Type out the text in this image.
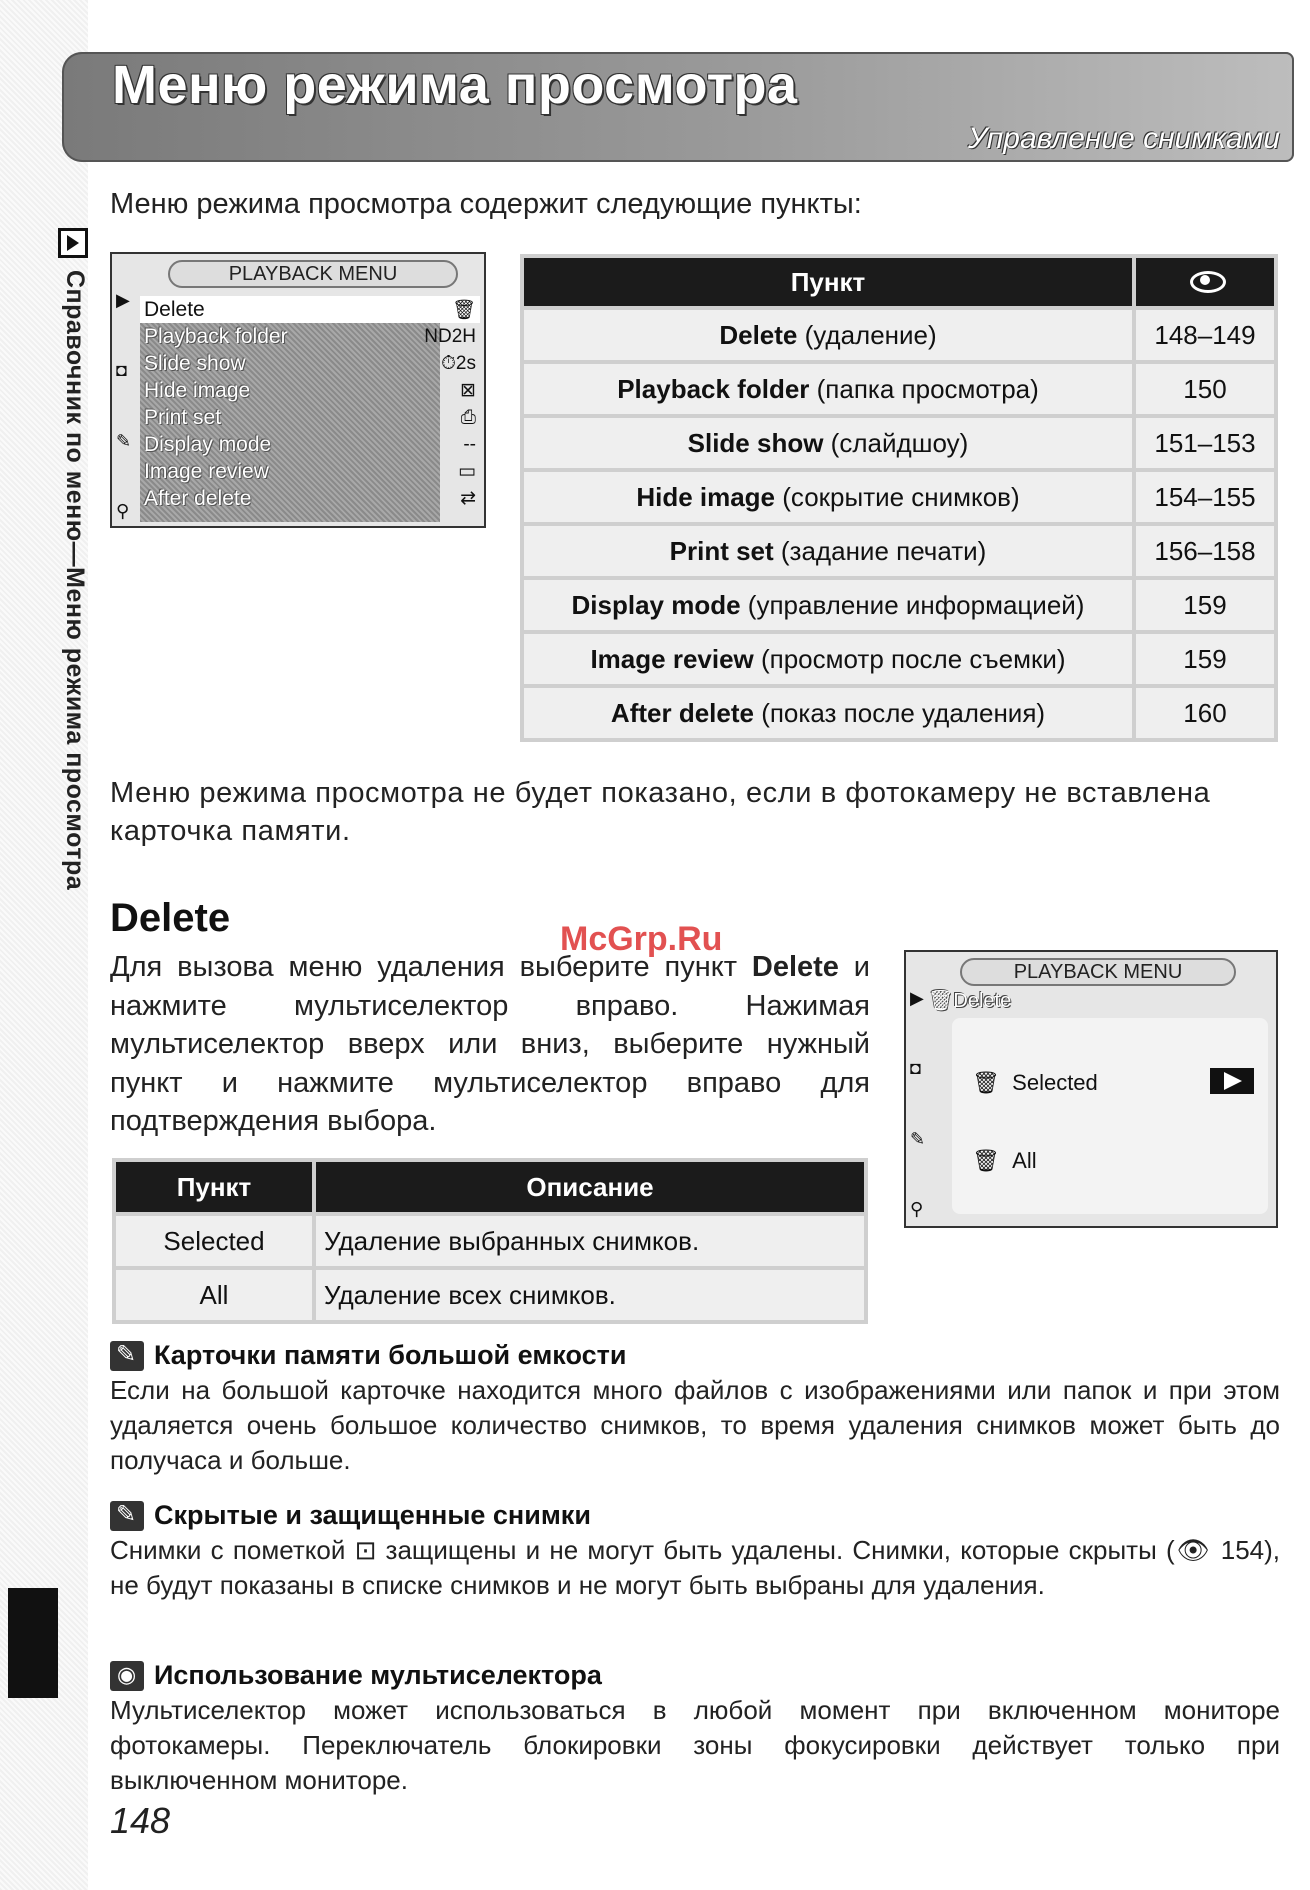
Меню режима просмотра
Управление снимками
Справочник по меню—Меню режима просмотра
Меню режима просмотра содержит следующие пункты:
PLAYBACK MENU
▶
◘
✎
⚲
Delete	🗑
Playback folder	ND2H
Slide show	⏱2s
Hide image	⊠
Print set	⎙
Display mode	--
Image review	▭
After delete	⇄
Пункт	
Delete (удаление)	148–149
Playback folder (папка просмотра)	150
Slide show (слайдшоу)	151–153
Hide image (сокрытие снимков)	154–155
Print set (задание печати)	156–158
Display mode (управление информацией)	159
Image review (просмотр после съемки)	159
After delete (показ после удаления)	160
Меню режима просмотра не будет показано, если в фотокамеру не вставлена карточка памяти.
Delete
Для вызова меню удаления выберите пункт Delete и нажмите мультиселектор вправо. Нажимая мультиселектор вверх или вниз, выберите нужный пункт и нажмите мультиселектор вправо для подтверждения выбора.
McGrp.Ru
PLAYBACK MENU
🗑Delete
▶
◘
✎
⚲
🗑  Selected
🗑  All
Пункт	Описание
Selected	Удаление выбранных снимков.
All	Удаление всех снимков.
✎
Карточки памяти большой емкости
Если на большой карточке находится много файлов с изображениями или папок и при этом удаляется очень большое количество снимков, то время удаления снимков может быть до получаса и больше.
✎
Скрытые и защищенные снимки
Снимки с пометкой ⊡ защищены и не могут быть удалены. Снимки, которые скрыты (👁 154), не будут показаны в списке снимков и не могут быть выбраны для удаления.
◉
Использование мультиселектора
Мультиселектор может использоваться в любой момент при включенном мониторе фотокамеры. Переключатель блокировки зоны фокусировки действует только при выключенном мониторе.
148
